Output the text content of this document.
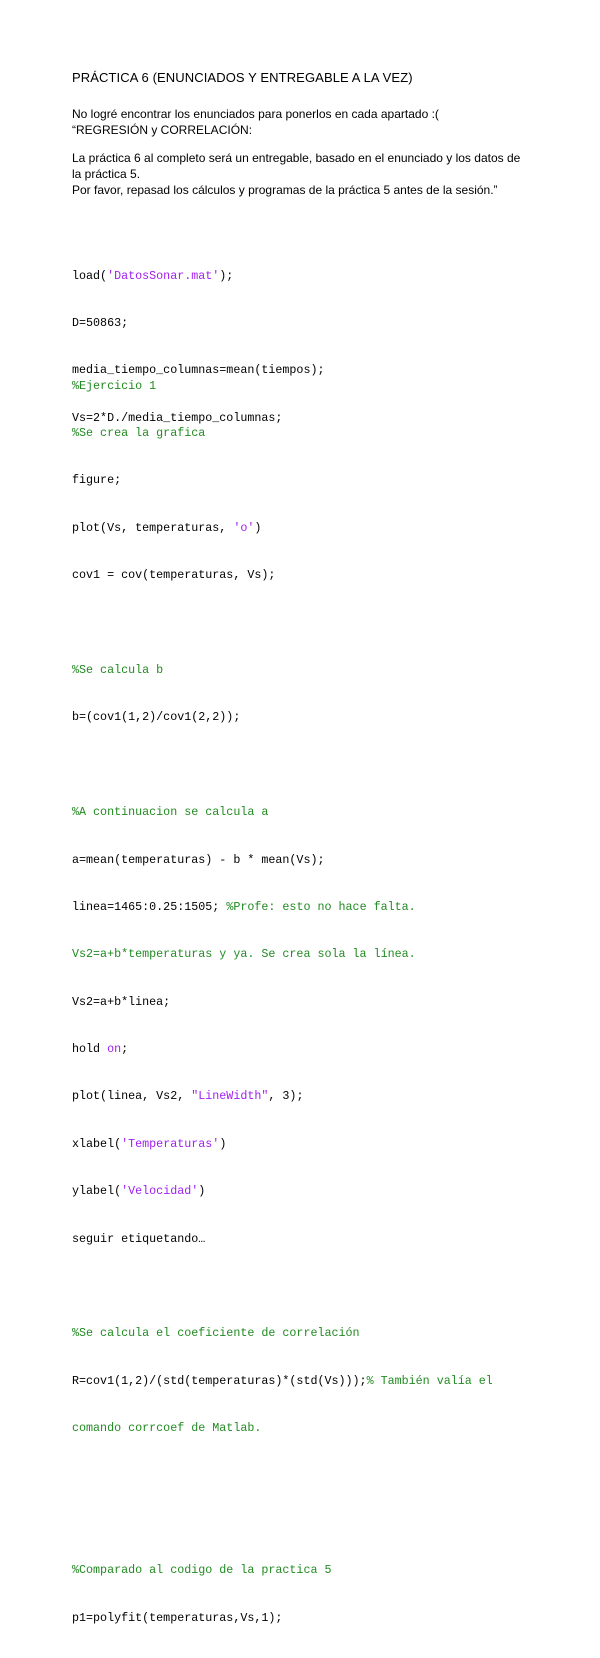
PRÁCTICA 6 (ENUNCIADOS Y ENTREGABLE A LA VEZ)
No logré encontrar los enunciados para ponerlos en cada apartado :(
“REGRESIÓN y CORRELACIÓN:
La práctica 6 al completo será un entregable, basado en el enunciado y los datos de
la práctica 5.
Por favor, repasad los cálculos y programas de la práctica 5 antes de la sesión.”

load('DatosSonar.mat');

D=50863;

media_tiempo_columnas=mean(tiempos);

Vs=2*D./media_tiempo_columnas;

%Ejercicio 1

%Se crea la grafica

figure;

plot(Vs, temperaturas, 'o')

cov1 = cov(temperaturas, Vs);

%Se calcula b

b=(cov1(1,2)/cov1(2,2));

%A continuacion se calcula a

a=mean(temperaturas) - b * mean(Vs);

linea=1465:0.25:1505; %Profe: esto no hace falta.

Vs2=a+b*temperaturas y ya. Se crea sola la línea.

Vs2=a+b*linea;

hold on;

plot(linea, Vs2, "LineWidth", 3);

xlabel('Temperaturas')

ylabel('Velocidad')

seguir etiquetando…

%Se calcula el coeficiente de correlación

R=cov1(1,2)/(std(temperaturas)*(std(Vs)));% También valía el

comando corrcoef de Matlab.

%Comparado al codigo de la practica 5

p1=polyfit(temperaturas,Vs,1);
